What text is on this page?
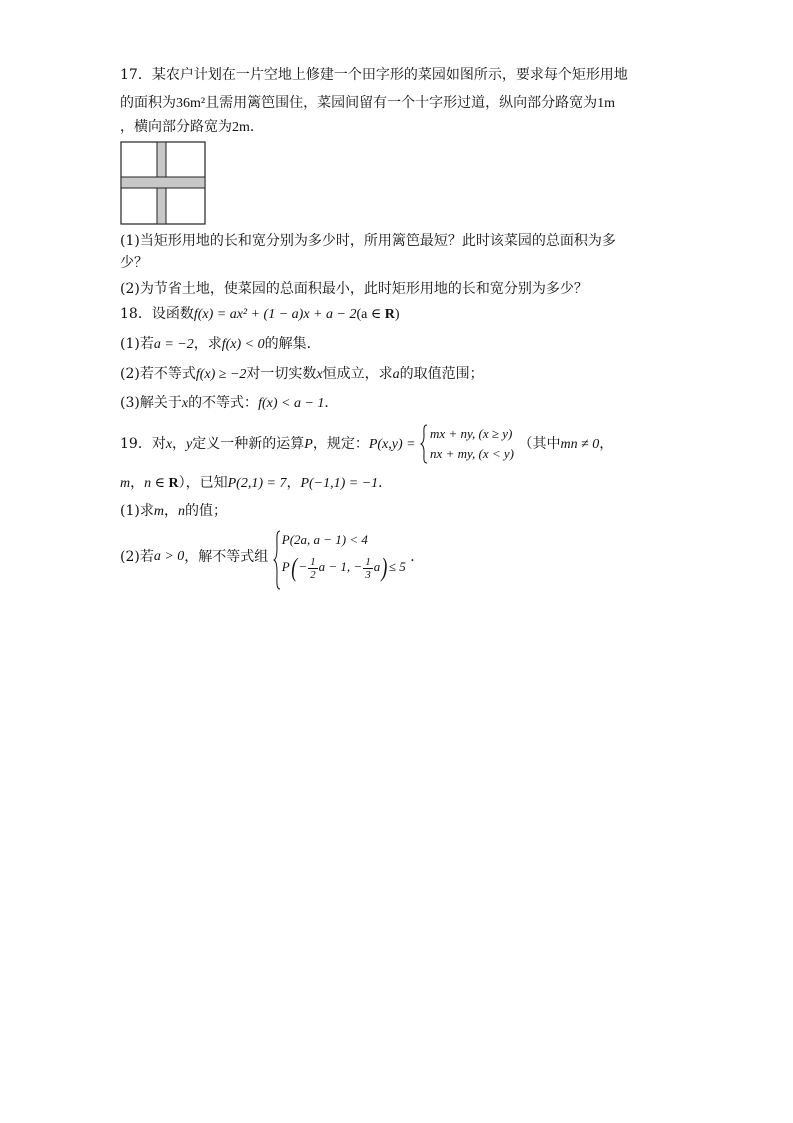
17．某农户计划在一片空地上修建一个田字形的菜园如图所示，要求每个矩形用地
的面积为36m²且需用篱笆围住，菜园间留有一个十字形过道，纵向部分路宽为1m
，横向部分路宽为2m．
(1)当矩形用地的长和宽分别为多少时，所用篱笆最短？此时该菜园的总面积为多
少？
(2)为节省土地，使菜园的总面积最小，此时矩形用地的长和宽分别为多少？
18．设函数f(x) = ax² + (1 − a)x + a − 2(a ∈ R)
(1)若a = −2，求f(x) < 0的解集．
(2)若不等式f(x) ≥ −2对一切实数x恒成立，求a的取值范围；
(3)解关于x的不等式：f(x) < a − 1．
19．对x，y定义一种新的运算P，规定：P(x,y) =
mx + ny, (x ≥ y)
nx + my, (x < y)
（其中mn ≠ 0，
m，n ∈ R），已知P(2,1) = 7，P(−1,1) = −1．
(1)求m，n的值；
(2)若a > 0，解不等式组
P(2a, a − 1) < 4
$P(- \frac{1}{2}$ a − 1, − $\frac{1}{3} a)\le 5$
．
